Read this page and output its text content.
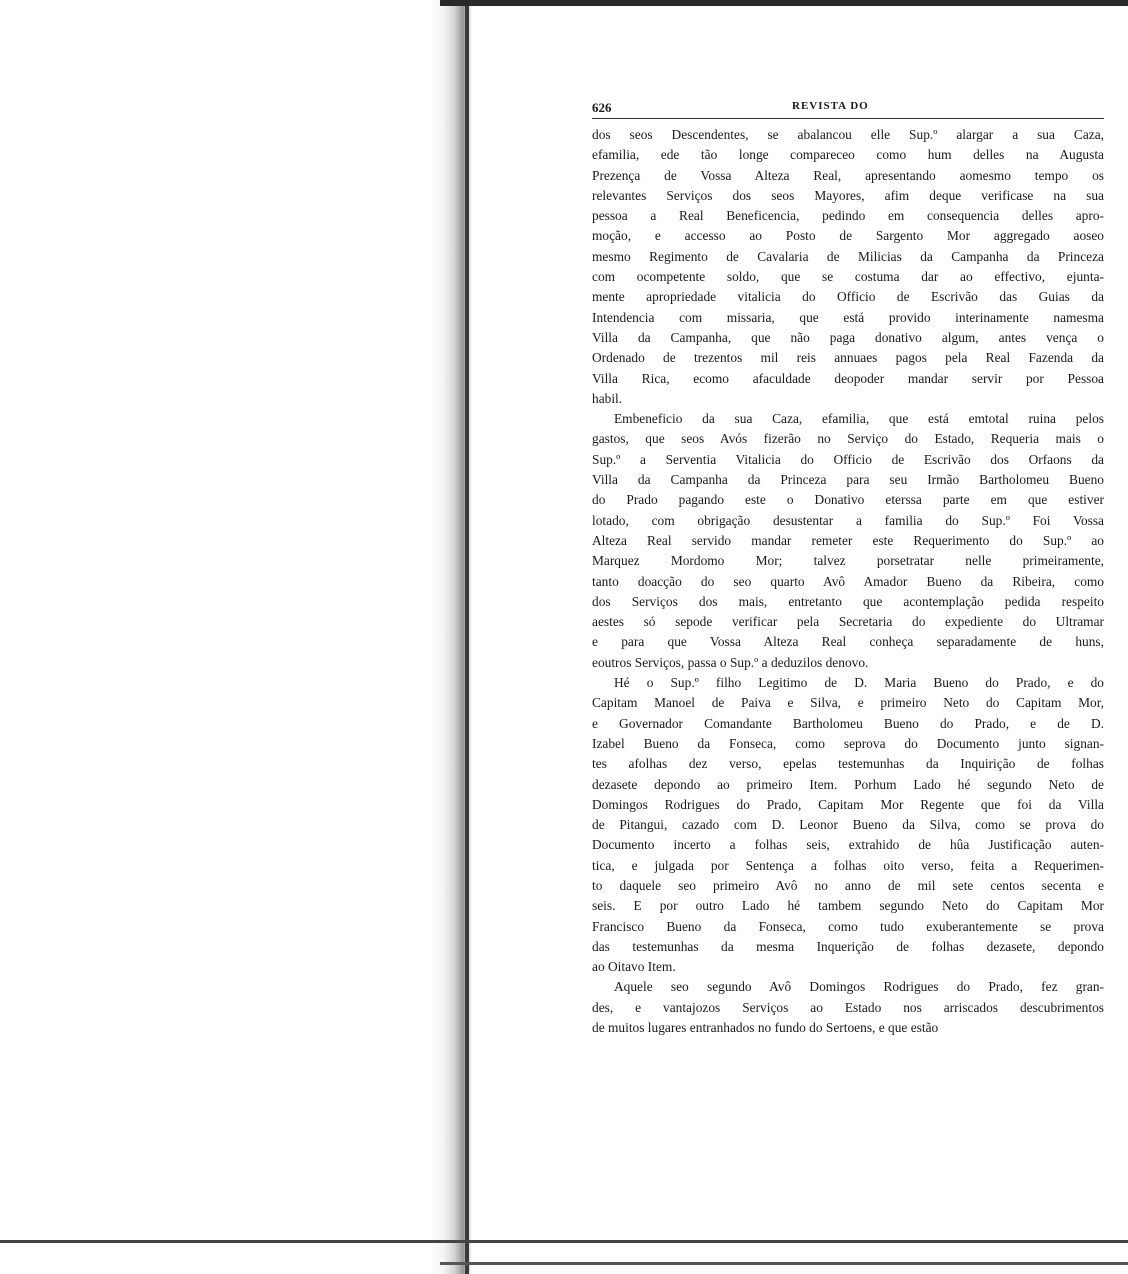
626	REVISTA DO

dos seos Descendentes, se abalancou elle Sup.º alargar a sua Caza,
efamilia, ede tão longe compareceo como hum delles na Augusta
Prezença de Vossa Alteza Real, apresentando aomesmo tempo os
relevantes Serviços dos seos Mayores, afim deque verificase na sua
pessoa a Real Beneficencia, pedindo em consequencia delles apro-
moção, e accesso ao Posto de Sargento Mor aggregado aoseo
mesmo Regimento de Cavalaria de Milicias da Campanha da Princeza
com ocompetente soldo, que se costuma dar ao effectivo, ejunta-
mente apropriedade vitalicia do Officio de Escrivão das Guias da
Intendencia com missaria, que está provido interinamente namesma
Villa da Campanha, que não paga donativo algum, antes vença o
Ordenado de trezentos mil reis annuaes pagos pela Real Fazenda da
Villa Rica, ecomo afaculdade deopoder mandar servir por Pessoa
habil.

Embeneficio da sua Caza, efamilia, que está emtotal ruina pelos
gastos, que seos Avós fizerão no Serviço do Estado, Requeria mais o
Sup.º a Serventia Vitalicia do Officio de Escrivão dos Orfaons da
Villa da Campanha da Princeza para seu Irmão Bartholomeu Bueno
do Prado pagando este o Donativo eterssa parte em que estiver
lotado, com obrigação desustentar a familia do Sup.º Foi Vossa
Alteza Real servido mandar remeter este Requerimento do Sup.º ao
Marquez Mordomo Mor; talvez porsetratar nelle primeiramente,
tanto doacção do seo quarto Avô Amador Bueno da Ribeira, como
dos Serviços dos mais, entretanto que acontemplação pedida respeito
aestes só sepode verificar pela Secretaria do expediente do Ultramar
e para que Vossa Alteza Real conheça separadamente de huns,
eoutros Serviços, passa o Sup.º a deduzilos denovo.

Hé o Sup.º filho Legitimo de D. Maria Bueno do Prado, e do
Capitam Manoel de Paiva e Silva, e primeiro Neto do Capitam Mor,
e Governador Comandante Bartholomeu Bueno do Prado, e de D.
Izabel Bueno da Fonseca, como seprova do Documento junto signan-
tes afolhas dez verso, epelas testemunhas da Inquirição de folhas
dezasete depondo ao primeiro Item. Porhum Lado hé segundo Neto de
Domingos Rodrigues do Prado, Capitam Mor Regente que foi da Villa
de Pitangui, cazado com D. Leonor Bueno da Silva, como se prova do
Documento incerto a folhas seis, extrahido de hûa Justificação auten-
tica, e julgada por Sentença a folhas oito verso, feita a Requerimen-
to daquele seo primeiro Avô no anno de mil sete centos secenta e
seis. E por outro Lado hé tambem segundo Neto do Capitam Mor
Francisco Bueno da Fonseca, como tudo exuberantemente se prova
das testemunhas da mesma Inquerição de folhas dezasete, depondo
ao Oitavo Item.

Aquele seo segundo Avô Domingos Rodrigues do Prado, fez gran-
des, e vantajozos Serviços ao Estado nos arriscados descubrimentos
de muitos lugares entranhados no fundo do Sertoens, e que estão
